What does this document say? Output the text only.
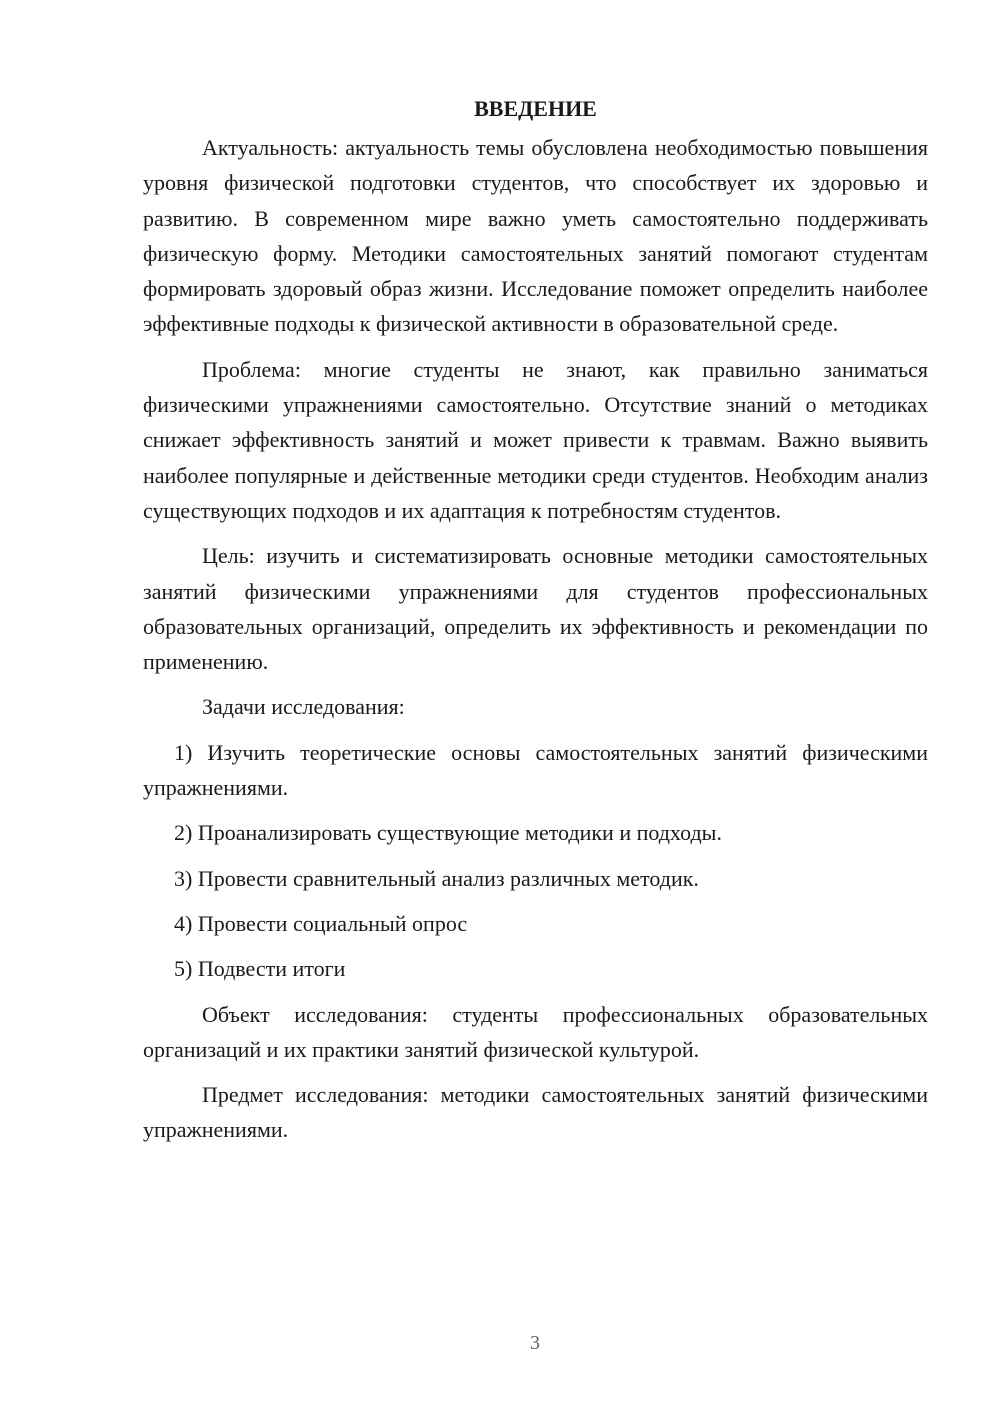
ВВЕДЕНИЕ

Актуальность: актуальность темы обусловлена необходимостью повышения уровня физической подготовки студентов, что способствует их здоровью и развитию. В современном мире важно уметь самостоятельно поддерживать физическую форму. Методики самостоятельных занятий помогают студентам формировать здоровый образ жизни. Исследование поможет определить наиболее эффективные подходы к физической активности в образовательной среде.

Проблема: многие студенты не знают, как правильно заниматься физическими упражнениями самостоятельно. Отсутствие знаний о методиках снижает эффективность занятий и может привести к травмам. Важно выявить наиболее популярные и действенные методики среди студентов. Необходим анализ существующих подходов и их адаптация к потребностям студентов.

Цель: изучить и систематизировать основные методики самостоятельных занятий физическими упражнениями для студентов профессиональных образовательных организаций, определить их эффективность и рекомендации по применению.

Задачи исследования:

1) Изучить теоретические основы самостоятельных занятий физическими упражнениями.

2) Проанализировать существующие методики и подходы.

3) Провести сравнительный анализ различных методик.

4) Провести социальный опрос

5) Подвести итоги

Объект исследования: студенты профессиональных образовательных организаций и их практики занятий физической культурой.

Предмет исследования: методики самостоятельных занятий физическими упражнениями.

3
